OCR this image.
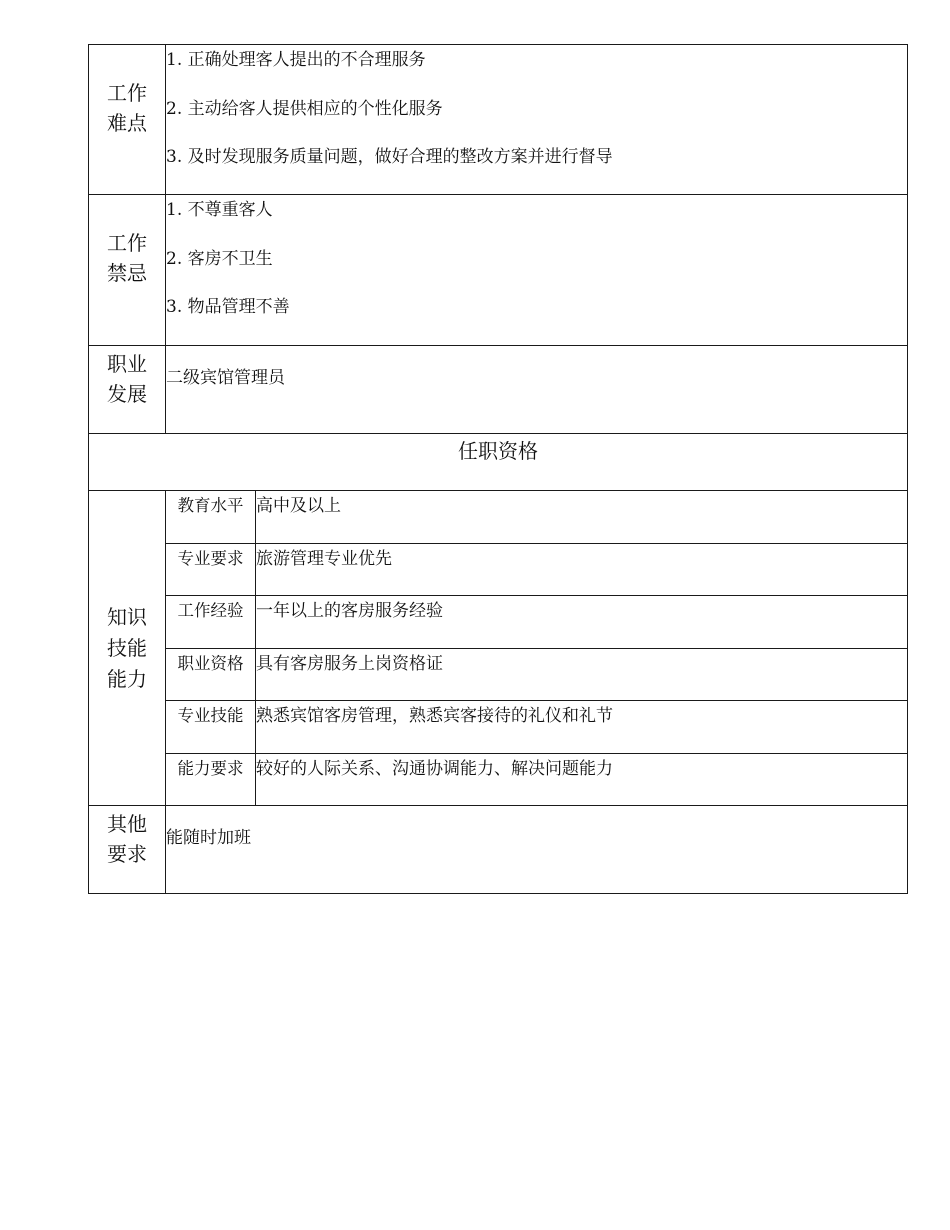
工作
难点	1. 正确处理客人提出的不合理服务
2. 主动给客人提供相应的个性化服务
3. 及时发现服务质量问题，做好合理的整改方案并进行督导	

工作
禁忌	1. 不尊重客人
2. 客房不卫生
3. 物品管理不善	

职业
发展	二级宾馆管理员	

任职资格		

知识
技能
能力	教育水平	高中及以上
	专业要求	旅游管理专业优先
	工作经验	一年以上的客房服务经验
	职业资格	具有客房服务上岗资格证
	专业技能	熟悉宾馆客房管理，熟悉宾客接待的礼仪和礼节
	能力要求	较好的人际关系、沟通协调能力、解决问题能力

其他
要求	能随时加班	
